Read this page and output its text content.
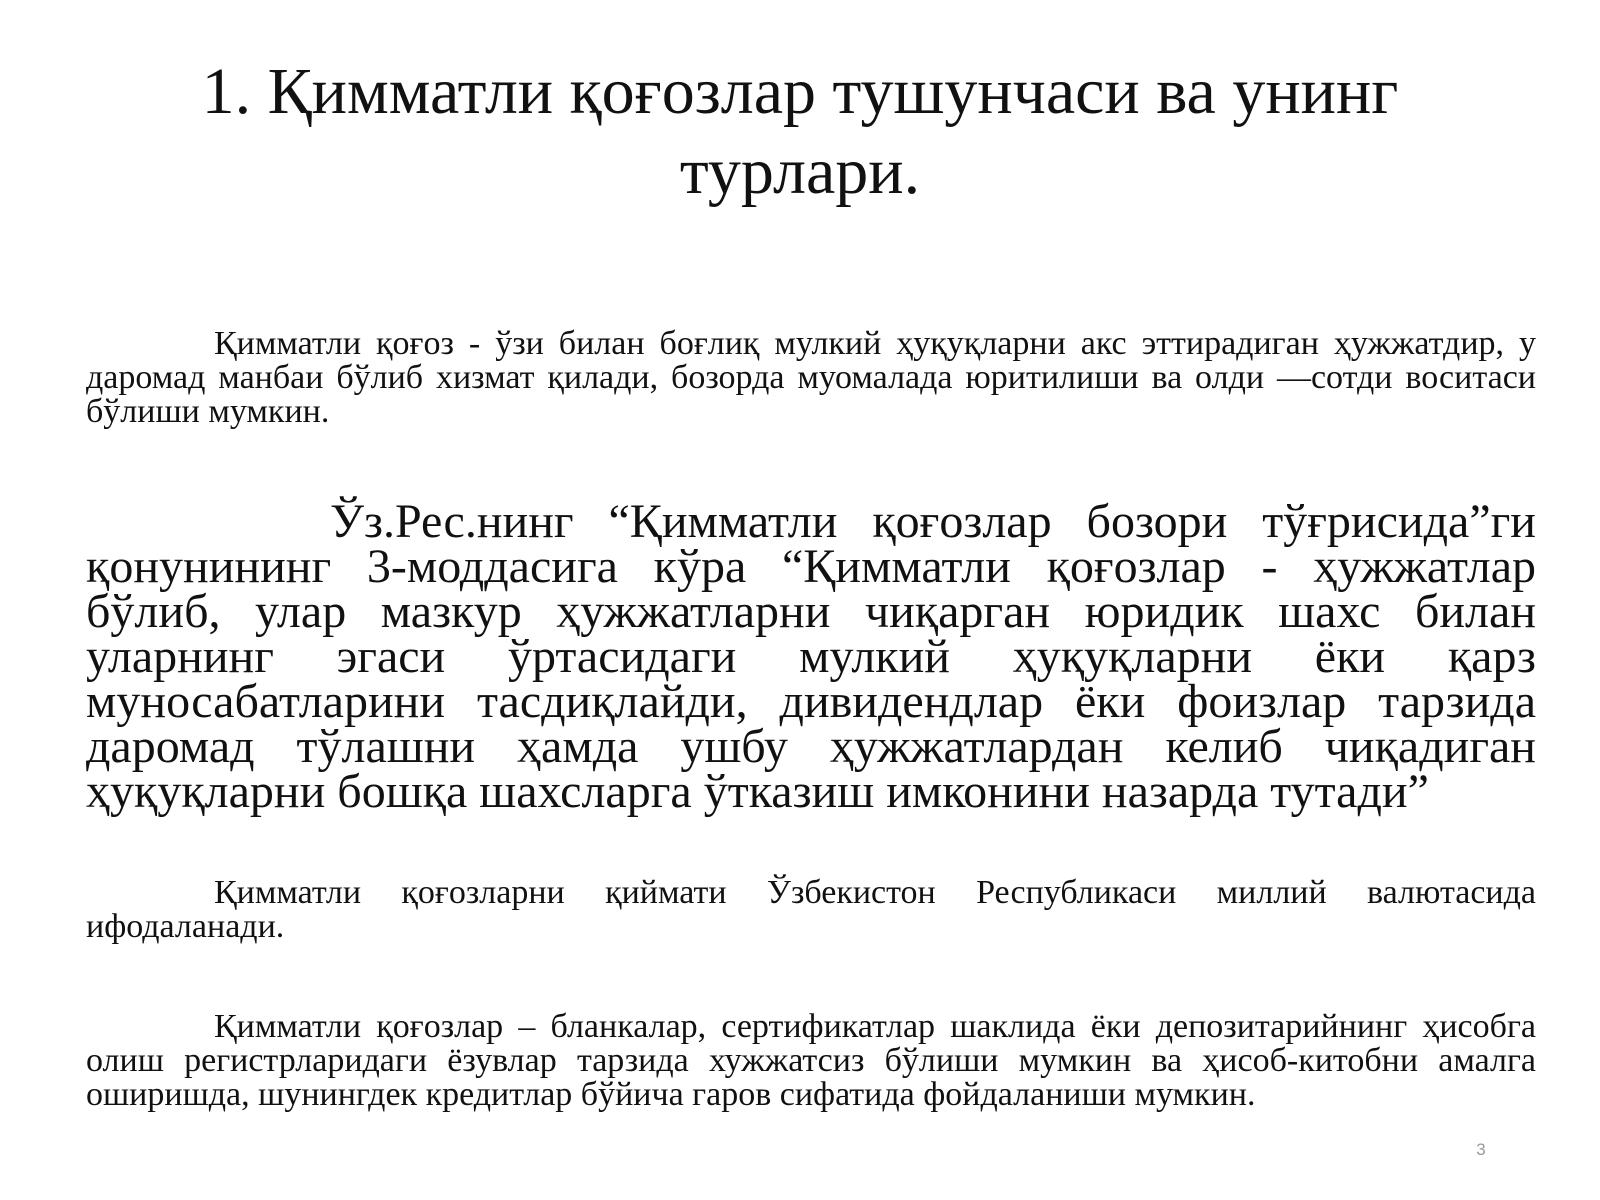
1. Қимматли қоғозлар тушунчаси ва унинг турлари.

Қимматли қоғоз - ўзи билан боғлиқ мулкий ҳуқуқларни акс эттирадиган ҳужжатдир, у даромад манбаи бўлиб хизмат қилади, бозорда муомалада юритилиши ва олди —сотди воситаси бўлиши мумкин.

Ўз.Рес.нинг “Қимматли қоғозлар бозори тўғрисида”ги қонунининг 3-моддасига кўра “Қимматли қоғозлар - ҳужжатлар бўлиб, улар мазкур ҳужжатларни чиқарган юридик шахс билан уларнинг эгаси ўртасидаги мулкий ҳуқуқларни ёки қарз муносабатларини тасдиқлайди, дивидендлар ёки фоизлар тарзида даромад тўлашни ҳамда ушбу ҳужжатлардан келиб чиқадиган ҳуқуқларни бошқа шахсларга ўтказиш имконини назарда тутади”

Қимматли қоғозларни қиймати Ўзбекистон Республикаси миллий валютасида ифодаланади.

Қимматли қоғозлар – бланкалар, сертификатлар шаклида ёки депозитарийнинг ҳисобга олиш регистрларидаги ёзувлар тарзида хужжатсиз бўлиши мумкин ва ҳисоб-китобни амалга оширишда, шунингдек кредитлар бўйича гаров сифатида фойдаланиши мумкин.

3
